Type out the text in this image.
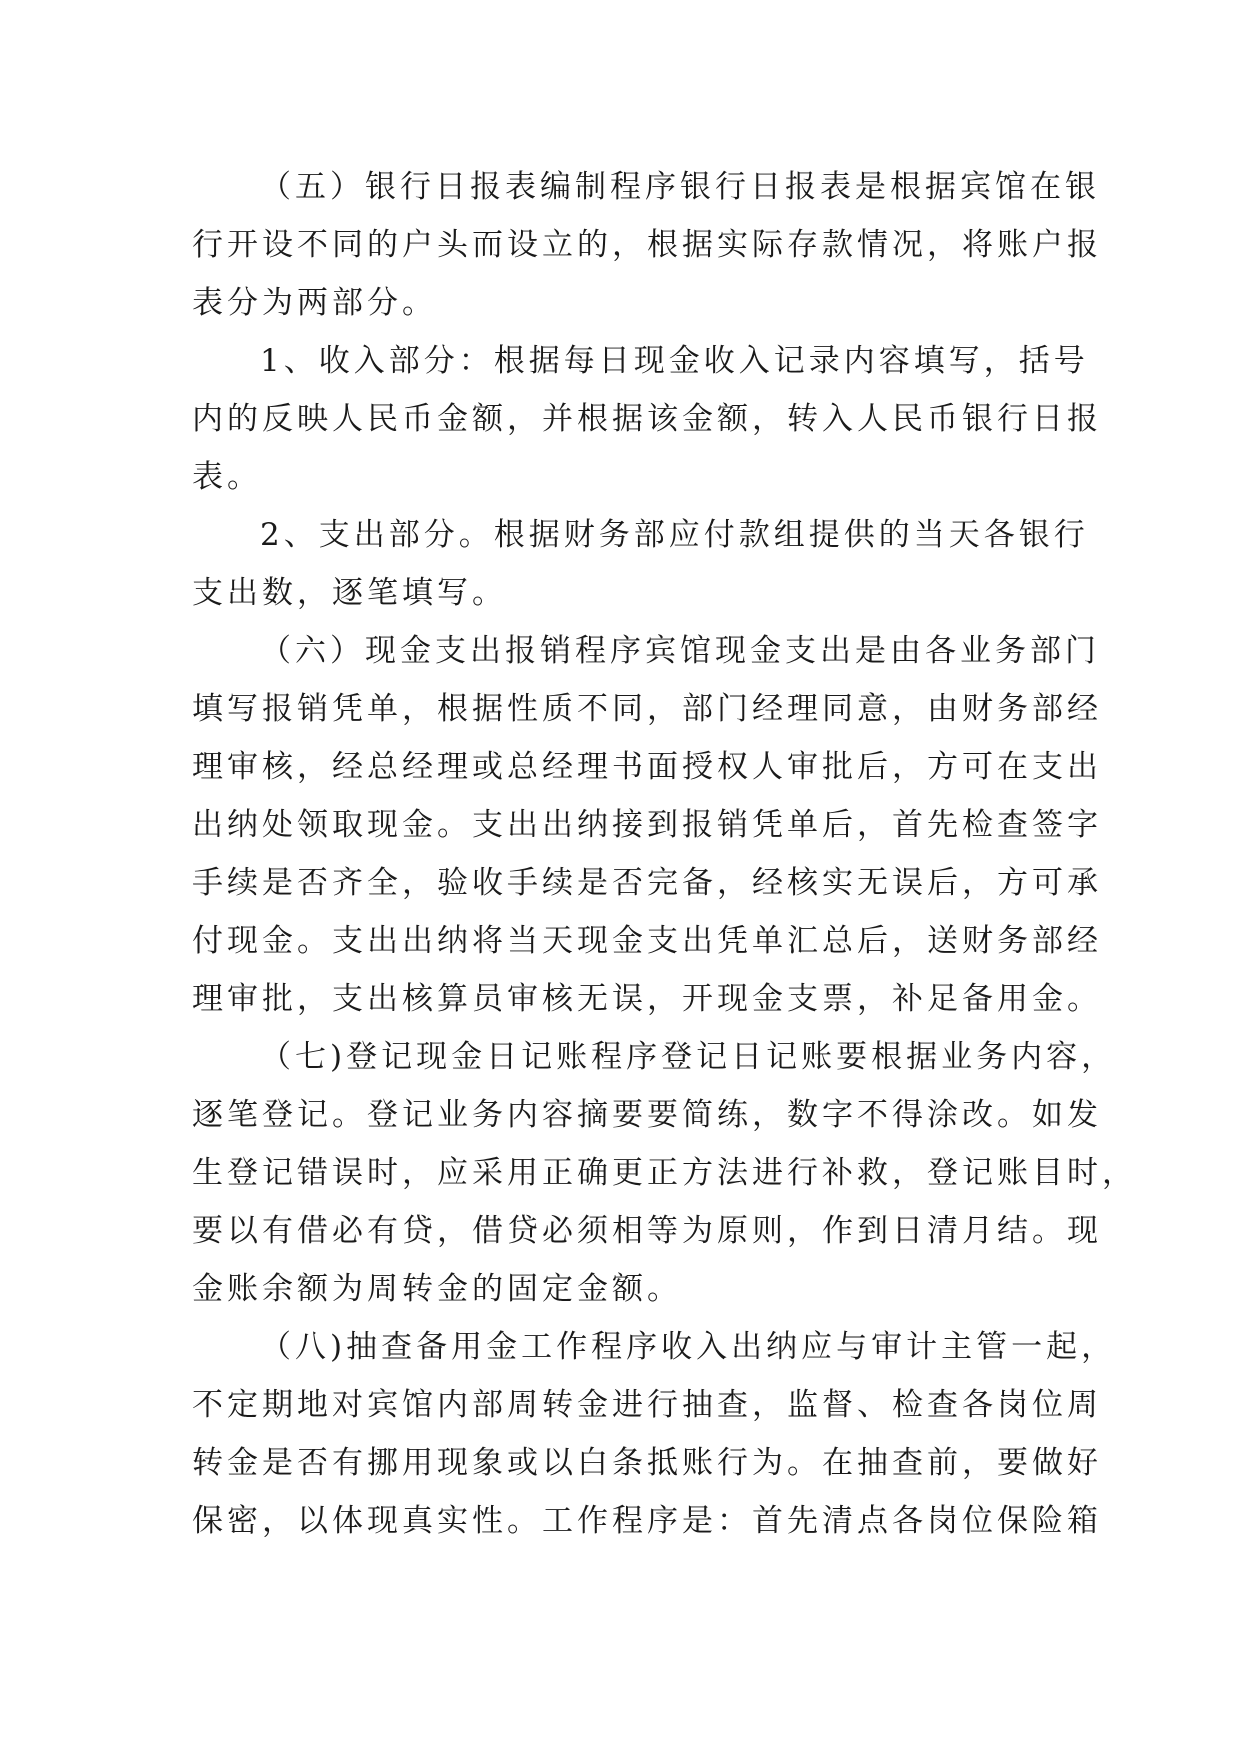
（五）银行日报表编制程序银行日报表是根据宾馆在银
行开设不同的户头而设立的，根据实际存款情况，将账户报
表分为两部分。
1、收入部分：根据每日现金收入记录内容填写，括号
内的反映人民币金额，并根据该金额，转入人民币银行日报
表。
2、支出部分。根据财务部应付款组提供的当天各银行
支出数，逐笔填写。
（六）现金支出报销程序宾馆现金支出是由各业务部门
填写报销凭单，根据性质不同，部门经理同意，由财务部经
理审核，经总经理或总经理书面授权人审批后，方可在支出
出纳处领取现金。支出出纳接到报销凭单后，首先检查签字
手续是否齐全，验收手续是否完备，经核实无误后，方可承
付现金。支出出纳将当天现金支出凭单汇总后，送财务部经
理审批，支出核算员审核无误，开现金支票，补足备用金。
（七)登记现金日记账程序登记日记账要根据业务内容，
逐笔登记。登记业务内容摘要要简练，数字不得涂改。如发
生登记错误时，应采用正确更正方法进行补救，登记账目时，
要以有借必有贷，借贷必须相等为原则，作到日清月结。现
金账余额为周转金的固定金额。
（八)抽查备用金工作程序收入出纳应与审计主管一起，
不定期地对宾馆内部周转金进行抽查，监督、检查各岗位周
转金是否有挪用现象或以白条抵账行为。在抽查前，要做好
保密，以体现真实性。工作程序是：首先清点各岗位保险箱
